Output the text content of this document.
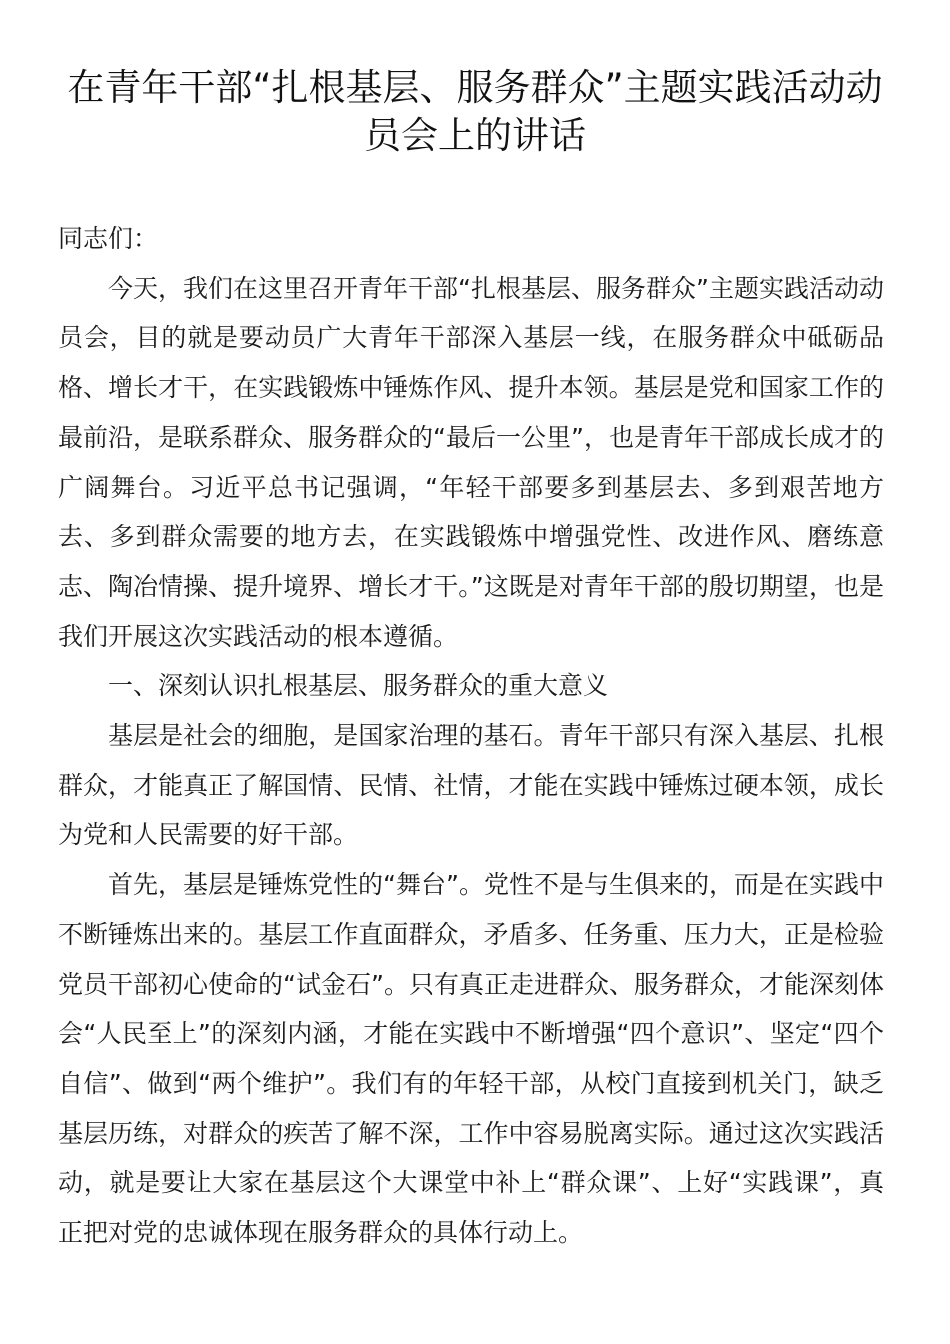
在青年干部“扎根基层、服务群众”主题实践活动动
员会上的讲话

同志们：

今天，我们在这里召开青年干部“扎根基层、服务群众”主题实践活动动员会，目的就是要动员广大青年干部深入基层一线，在服务群众中砥砺品格、增长才干，在实践锻炼中锤炼作风、提升本领。基层是党和国家工作的最前沿，是联系群众、服务群众的“最后一公里”，也是青年干部成长成才的广阔舞台。习近平总书记强调，“年轻干部要多到基层去、多到艰苦地方去、多到群众需要的地方去，在实践锻炼中增强党性、改进作风、磨练意志、陶冶情操、提升境界、增长才干。”这既是对青年干部的殷切期望，也是我们开展这次实践活动的根本遵循。

一、深刻认识扎根基层、服务群众的重大意义

基层是社会的细胞，是国家治理的基石。青年干部只有深入基层、扎根群众，才能真正了解国情、民情、社情，才能在实践中锤炼过硬本领，成长为党和人民需要的好干部。

首先，基层是锤炼党性的“舞台”。党性不是与生俱来的，而是在实践中不断锤炼出来的。基层工作直面群众，矛盾多、任务重、压力大，正是检验党员干部初心使命的“试金石”。只有真正走进群众、服务群众，才能深刻体会“人民至上”的深刻内涵，才能在实践中不断增强“四个意识”、坚定“四个自信”、做到“两个维护”。我们有的年轻干部，从校门直接到机关门，缺乏基层历练，对群众的疾苦了解不深，工作中容易脱离实际。通过这次实践活动，就是要让大家在基层这个大课堂中补上“群众课”、上好“实践课”，真正把对党的忠诚体现在服务群众的具体行动上。
